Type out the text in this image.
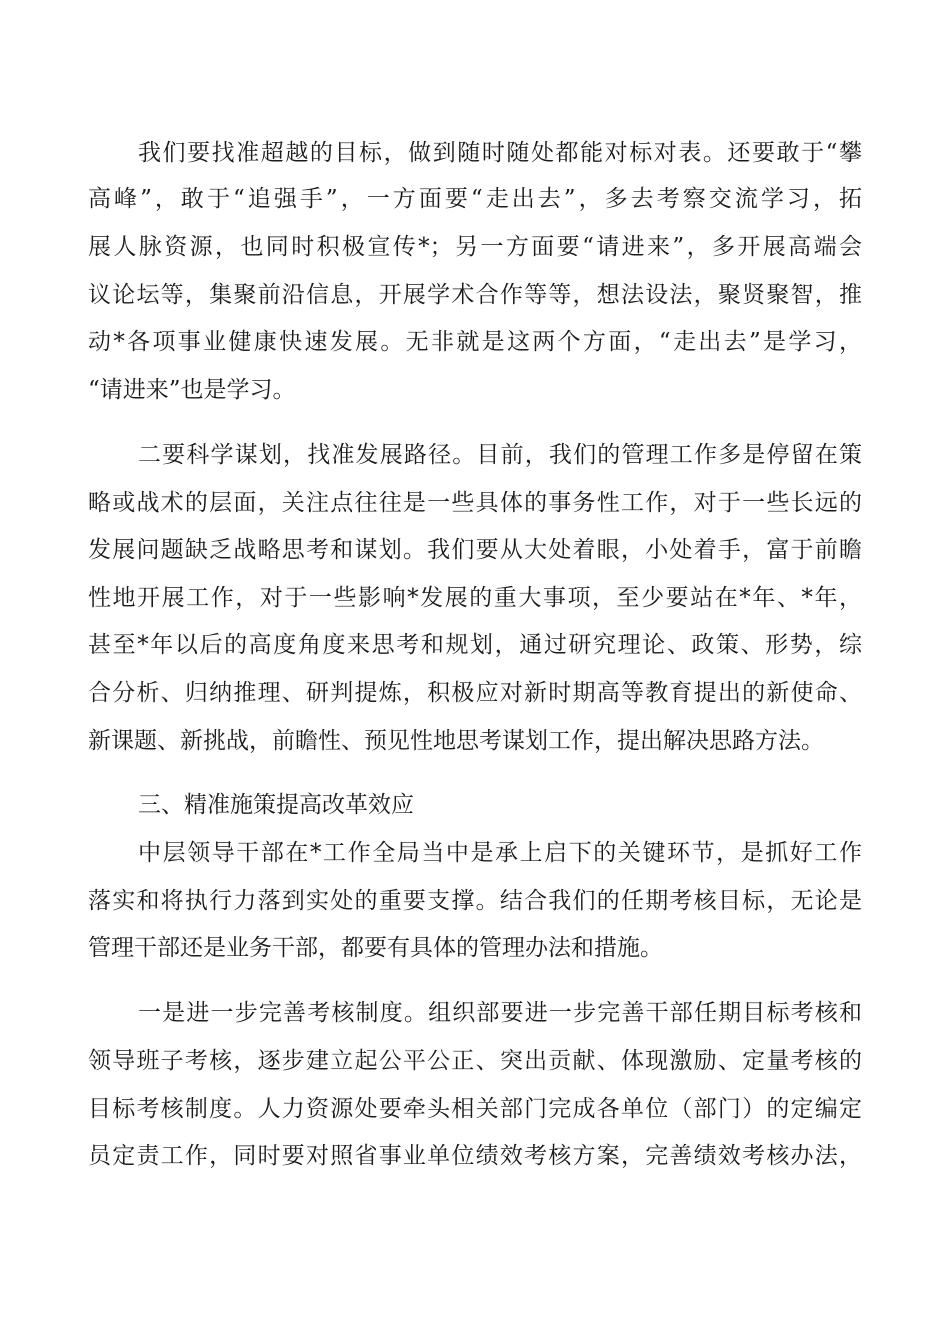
我们要找准超越的目标，做到随时随处都能对标对表。还要敢于“攀
高峰”，敢于“追强手”，一方面要“走出去”，多去考察交流学习，拓
展人脉资源，也同时积极宣传*；另一方面要“请进来”，多开展高端会
议论坛等，集聚前沿信息，开展学术合作等等，想法设法，聚贤聚智，推
动*各项事业健康快速发展。无非就是这两个方面，“走出去”是学习，
“请进来”也是学习。
二要科学谋划，找准发展路径。目前，我们的管理工作多是停留在策
略或战术的层面，关注点往往是一些具体的事务性工作，对于一些长远的
发展问题缺乏战略思考和谋划。我们要从大处着眼，小处着手，富于前瞻
性地开展工作，对于一些影响*发展的重大事项，至少要站在*年、*年，
甚至*年以后的高度角度来思考和规划，通过研究理论、政策、形势，综
合分析、归纳推理、研判提炼，积极应对新时期高等教育提出的新使命、
新课题、新挑战，前瞻性、预见性地思考谋划工作，提出解决思路方法。
三、精准施策提高改革效应
中层领导干部在*工作全局当中是承上启下的关键环节，是抓好工作
落实和将执行力落到实处的重要支撑。结合我们的任期考核目标，无论是
管理干部还是业务干部，都要有具体的管理办法和措施。
一是进一步完善考核制度。组织部要进一步完善干部任期目标考核和
领导班子考核，逐步建立起公平公正、突出贡献、体现激励、定量考核的
目标考核制度。人力资源处要牵头相关部门完成各单位（部门）的定编定
员定责工作，同时要对照省事业单位绩效考核方案，完善绩效考核办法，
